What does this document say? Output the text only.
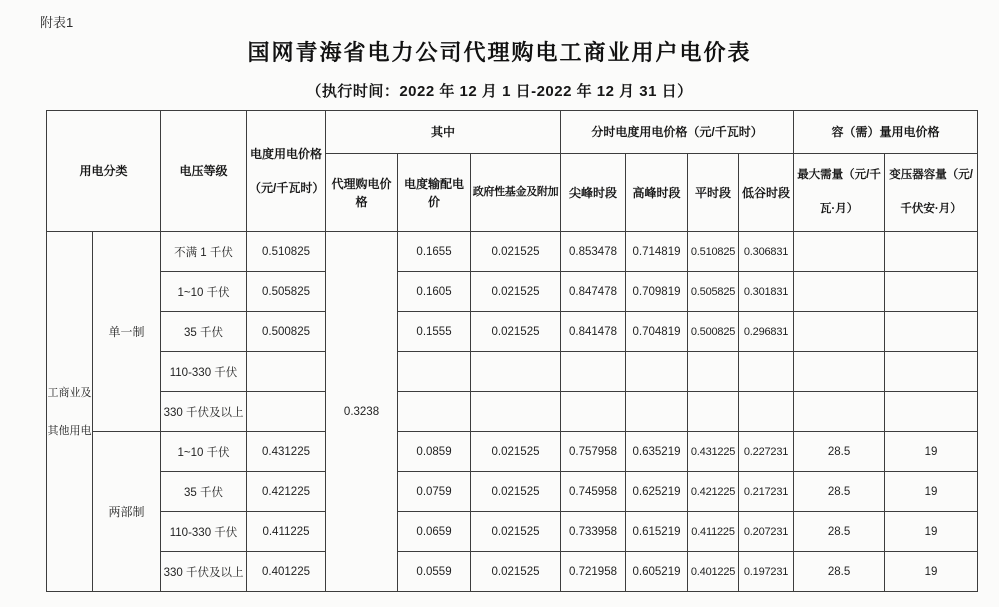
附表1
国网青海省电力公司代理购电工商业用户电价表
（执行时间：2022 年 12 月 1 日-2022 年 12 月 31 日）
用电分类		电压等级	电度用电价格
（元/千瓦时）	其中			分时电度用电价格（元/千瓦时）				容（需）量用电价格	
				代理购电价格	电度输配电价	政府性基金及附加	尖峰时段	高峰时段	平时段	低谷时段	最大需量（元/千瓦·月）	变压器容量（元/千伏安·月）
工商业及其他用电	单一制	不满 1 千伏	0.510825	0.3238	0.1655	0.021525	0.853478	0.714819	0.510825	0.306831		
		1~10 千伏	0.505825		0.1605	0.021525	0.847478	0.709819	0.505825	0.301831		
		35 千伏	0.500825		0.1555	0.021525	0.841478	0.704819	0.500825	0.296831		
		110-330 千伏										
		330 千伏及以上										
	两部制	1~10 千伏	0.431225		0.0859	0.021525	0.757958	0.635219	0.431225	0.227231	28.5	19
		35 千伏	0.421225		0.0759	0.021525	0.745958	0.625219	0.421225	0.217231	28.5	19
		110-330 千伏	0.411225		0.0659	0.021525	0.733958	0.615219	0.411225	0.207231	28.5	19
		330 千伏及以上	0.401225		0.0559	0.021525	0.721958	0.605219	0.401225	0.197231	28.5	19
